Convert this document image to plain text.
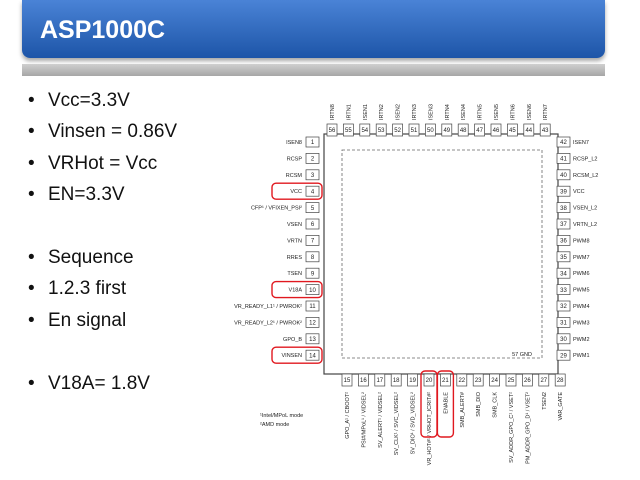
ASP1000C
• Vcc=3.3V
• Vinsen = 0.86V
• VRHot = Vcc
• EN=3.3V
• Sequence
• 1.2.3 first
• En signal
• V18A= 1.8V
57 GND
1
ISEN8
2
RCSP
3
RCSM
4
VCC
5
CFP¹ / VFIXEN_PSI²
6
VSEN
7
VRTN
8
RRES
9
TSEN
10
V18A
11
VR_READY_L1¹ / PWROK²
12
VR_READY_L2¹ / PWROK²
13
GPO_B
14
VINSEN
42 ISEN7
41 RCSP_L2
40 RCSM_L2
39 VCC
38 VSEN_L2
37 VRTN_L2
36 PWM8
35 PWM7
34 PWM6
33 PWM5
32 PWM4
31 PWM3
30 PWM2
29 PWM1
56
IRTN8
55
IRTN1
54
ISEN1
53
IRTN2
52
ISEN2
51
IRTN3
50
ISEN3
49
IRTN4
48
ISEN4
47
IRTN5
46
ISEN5
45
IRTN6
44
ISEN6
43
IRTN7
15
GPO_A¹ / CBOOT²
16
PSI#/MPoL¹ / VIDSEL²
17
SV_ALERT¹ / VIDSEL²
18
SV_CLK¹ / SVC_VIDSEL²
19
SV_DIO¹ / SVD_VIDSEL²
20
VR_HOT#¹ / VRHOT_ICRIT#²
21
ENABLE
22
SMB_ALERT#
23
SMB_DIO
24
SMB_CLK
25
SV_ADDR_GPO_C¹ / VSET²
26
PM_ADDR_GPO_D¹ / VSET²
27
TSEN2
28
VAR_GATE
¹Intel/MPoL mode
²AMD mode
